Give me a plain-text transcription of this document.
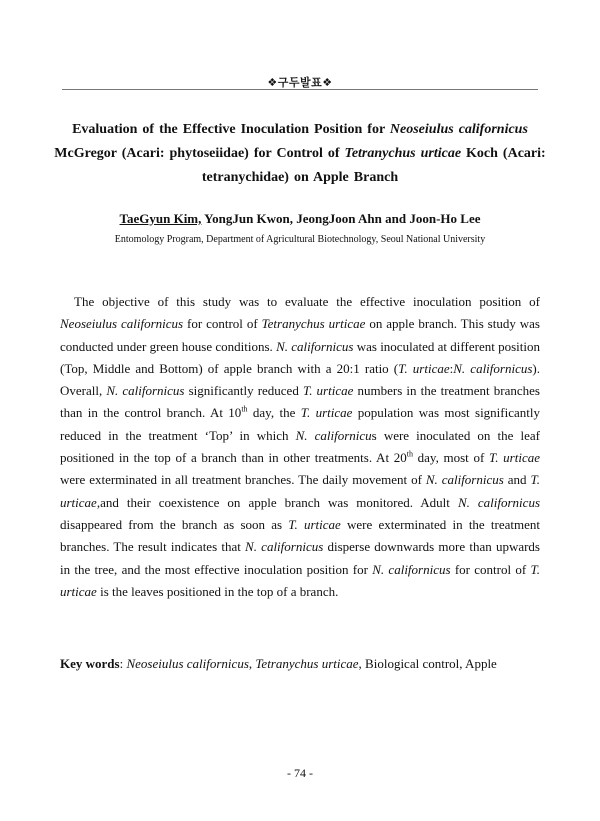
❖구두발표❖
Evaluation of the Effective Inoculation Position for Neoseiulus californicus McGregor (Acari: phytoseiidae) for Control of Tetranychus urticae Koch (Acari: tetranychidae) on Apple Branch
TaeGyun Kim, YongJun Kwon, JeongJoon Ahn and Joon-Ho Lee
Entomology Program, Department of Agricultural Biotechnology, Seoul National University

The objective of this study was to evaluate the effective inoculation position of Neoseiulus californicus for control of Tetranychus urticae on apple branch. This study was conducted under green house conditions. N. californicus was inoculated at different position (Top, Middle and Bottom) of apple branch with a 20:1 ratio (T. urticae:N. californicus). Overall, N. californicus significantly reduced T. urticae numbers in the treatment branches than in the control branch. At 10th day, the T. urticae population was most significantly reduced in the treatment ‘Top’ in which N. californicus were inoculated on the leaf positioned in the top of a branch than in other treatments. At 20th day, most of T. urticae were exterminated in all treatment branches. The daily movement of N. californicus and T. urticae,and their coexistence on apple branch was monitored. Adult N. californicus disappeared from the branch as soon as T. urticae were exterminated in the treatment branches. The result indicates that N. californicus disperse downwards more than upwards in the tree, and the most effective inoculation position for N. californicus for control of T. urticae is the leaves positioned in the top of a branch.

Key words: Neoseiulus californicus, Tetranychus urticae, Biological control, Apple
- 74 -
